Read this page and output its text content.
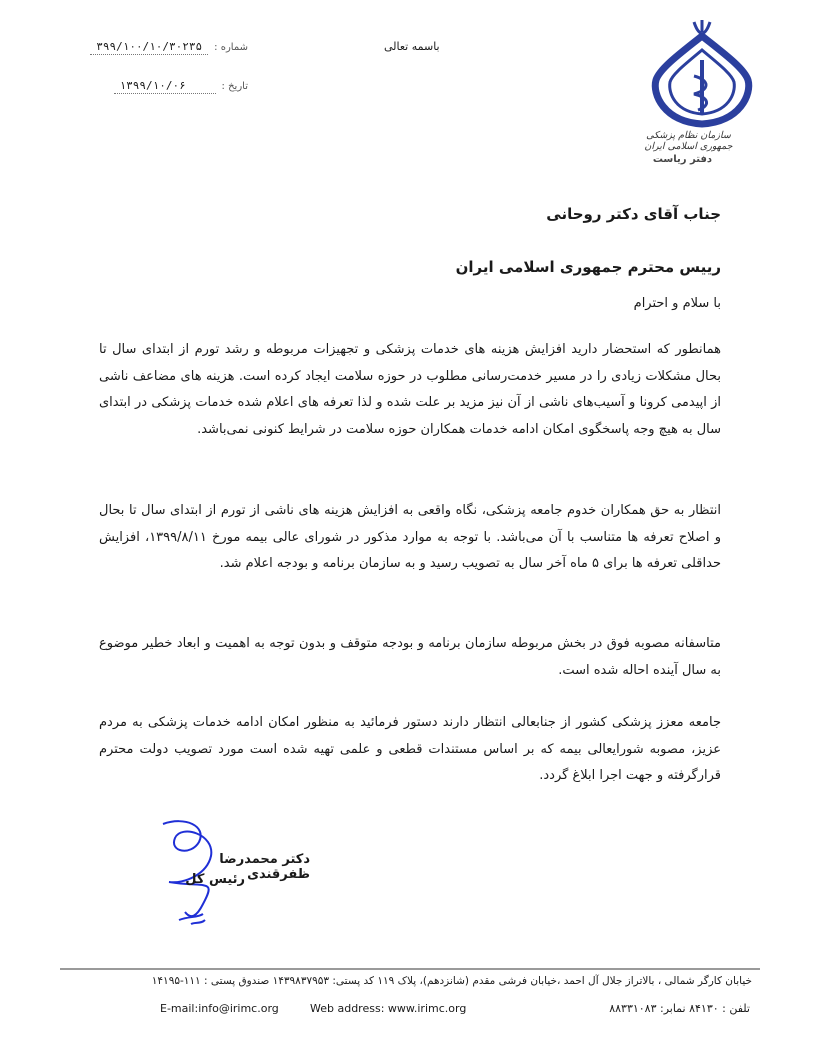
باسمه تعالی
شماره :
۳۹۹/۱۰۰/۱۰/۳۰۲۳۵
تاریخ :
۱۳۹۹/۱۰/۰۶
سازمان نظام پزشکی جمهوری اسلامی ایران
دفتر ریاست
جناب آقای دکتر روحانی
رییس محترم جمهوری اسلامی ایران
با سلام و احترام

همانطور که استحضار دارید افزایش هزینه های خدمات پزشکی و تجهیزات مربوطه و رشد تورم از ابتدای سال تا بحال مشکلات زیادی را در مسیر خدمت‌رسانی مطلوب در حوزه سلامت ایجاد کرده است. هزینه های مضاعف ناشی از اپیدمی کرونا و آسیب‌های ناشی از آن نیز مزید بر علت شده و لذا تعرفه های اعلام شده خدمات پزشکی در ابتدای سال به هیچ وجه پاسخگوی امکان ادامه خدمات همکاران حوزه سلامت در شرایط کنونی نمی‌باشد.

انتظار به حق همکاران خدوم جامعه پزشکی، نگاه واقعی به افزایش هزینه های ناشی از تورم از ابتدای سال تا بحال و اصلاح تعرفه ها متناسب با آن می‌باشد. با توجه به موارد مذکور در شورای عالی بیمه مورخ ۱۳۹۹/۸/۱۱، افزایش حداقلی تعرفه ها برای ۵ ماه آخر سال به تصویب رسید و به سازمان برنامه و بودجه اعلام شد.

متاسفانه مصوبه فوق در بخش مربوطه سازمان برنامه و بودجه متوقف و بدون توجه به اهمیت و ابعاد خطیر موضوع به سال آینده احاله شده است.

جامعه معزز پزشکی کشور از جنابعالی انتظار دارند دستور فرمائید به منظور امکان ادامه خدمات پزشکی به مردم عزیز، مصوبه شورایعالی بیمه که بر اساس مستندات قطعی و علمی تهیه شده است مورد تصویب دولت محترم قرارگرفته و جهت اجرا ابلاغ گردد.

دکتر محمدرضا ظفرقندی
رئیس کل
خیابان کارگر شمالی ، بالاتراز جلال آل احمد ،خیابان فرشی مقدم (شانزدهم)، پلاک ۱۱۹ کد پستی: ۱۴۳۹۸۳۷۹۵۳ صندوق پستی : ۱۱۱-۱۴۱۹۵
E-mail:info@irimc.org	Web address: www.irimc.org	تلفن : ۸۴۱۳۰ نمابر: ۸۸۳۳۱۰۸۳
